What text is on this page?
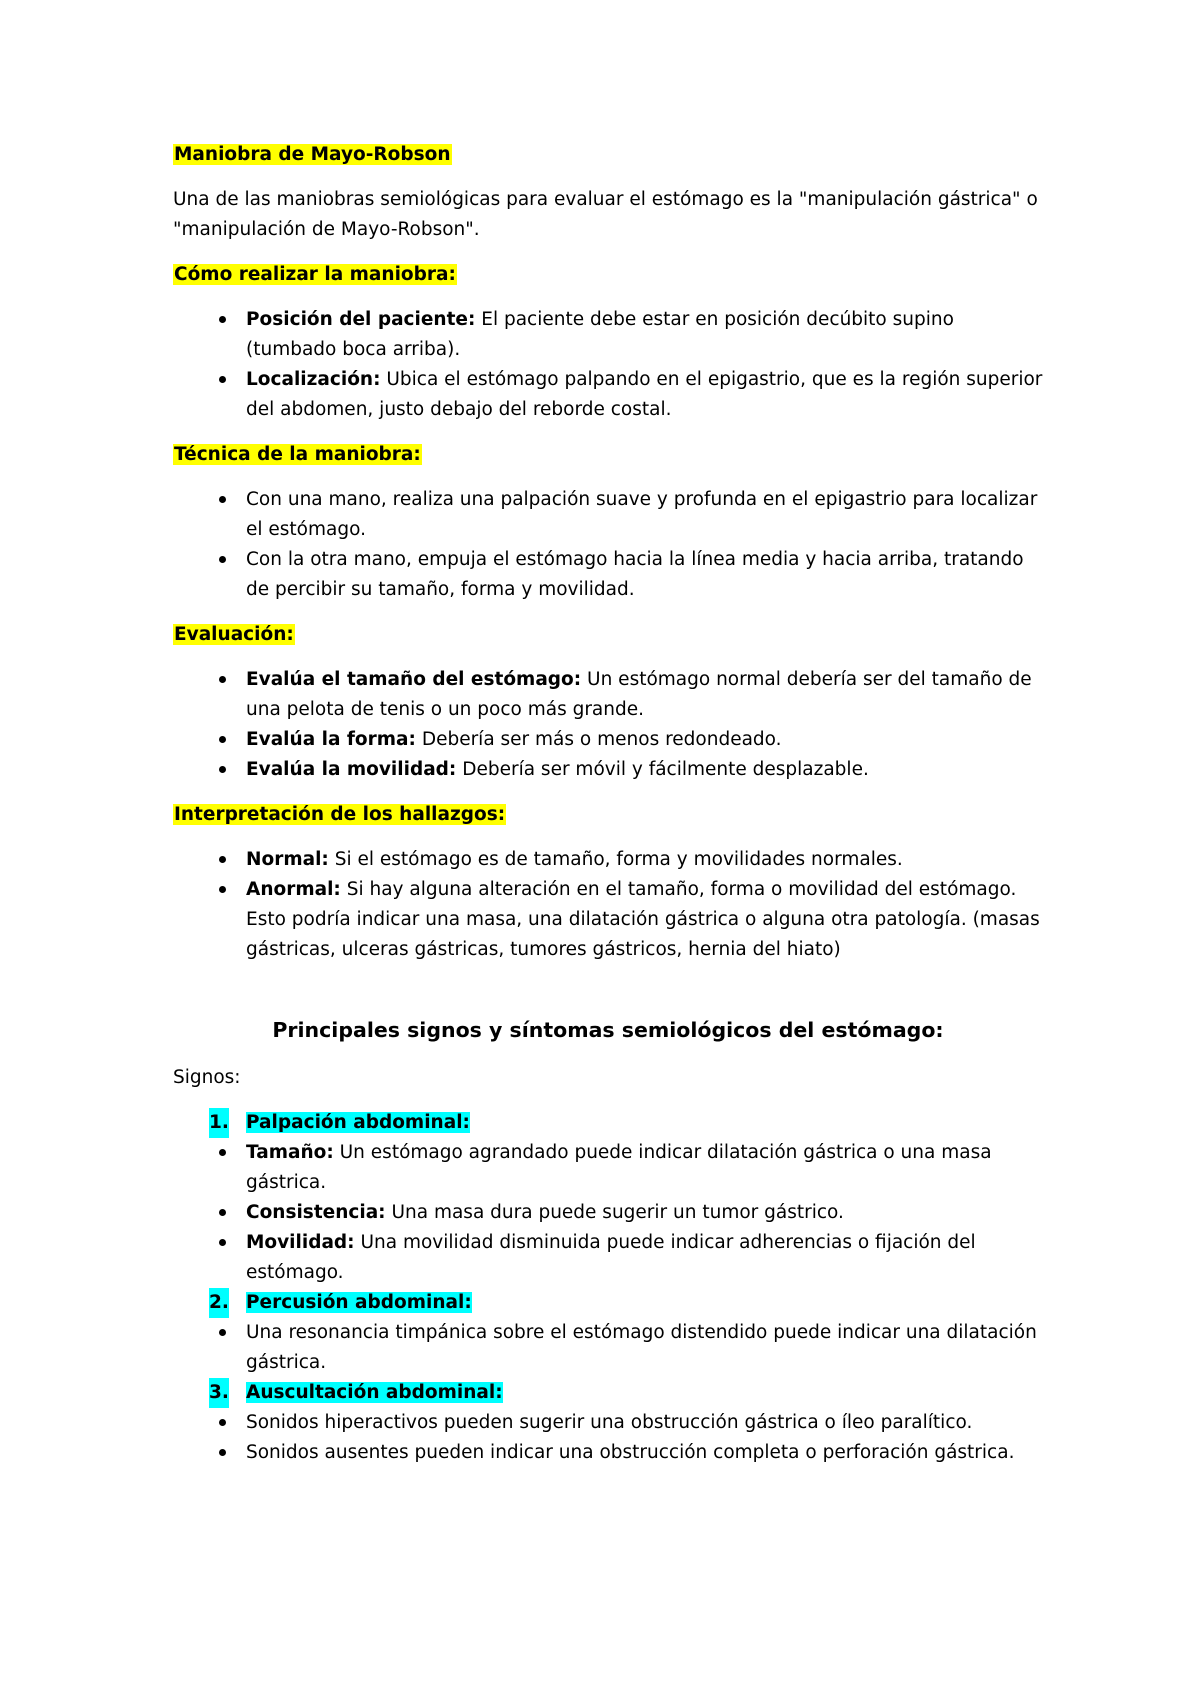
Maniobra de Mayo-Robson

Una de las maniobras semiológicas para evaluar el estómago es la "manipulación gástrica" o "manipulación de Mayo-Robson".

Cómo realizar la maniobra:
Posición del paciente: El paciente debe estar en posición decúbito supino (tumbado boca arriba).
Localización: Ubica el estómago palpando en el epigastrio, que es la región superior del abdomen, justo debajo del reborde costal.
Técnica de la maniobra:
Con una mano, realiza una palpación suave y profunda en el epigastrio para localizar el estómago.
Con la otra mano, empuja el estómago hacia la línea media y hacia arriba, tratando de percibir su tamaño, forma y movilidad.
Evaluación:
Evalúa el tamaño del estómago: Un estómago normal debería ser del tamaño de una pelota de tenis o un poco más grande.
Evalúa la forma: Debería ser más o menos redondeado.
Evalúa la movilidad: Debería ser móvil y fácilmente desplazable.
Interpretación de los hallazgos:
Normal: Si el estómago es de tamaño, forma y movilidades normales.
Anormal: Si hay alguna alteración en el tamaño, forma o movilidad del estómago. Esto podría indicar una masa, una dilatación gástrica o alguna otra patología. (masas gástricas, ulceras gástricas, tumores gástricos, hernia del hiato)
Principales signos y síntomas semiológicos del estómago:
Signos:
1. Palpación abdominal:
Tamaño: Un estómago agrandado puede indicar dilatación gástrica o una masa gástrica.
Consistencia: Una masa dura puede sugerir un tumor gástrico.
Movilidad: Una movilidad disminuida puede indicar adherencias o fijación del estómago.
2. Percusión abdominal:
Una resonancia timpánica sobre el estómago distendido puede indicar una dilatación gástrica.
3. Auscultación abdominal:
Sonidos hiperactivos pueden sugerir una obstrucción gástrica o íleo paralítico.
Sonidos ausentes pueden indicar una obstrucción completa o perforación gástrica.
